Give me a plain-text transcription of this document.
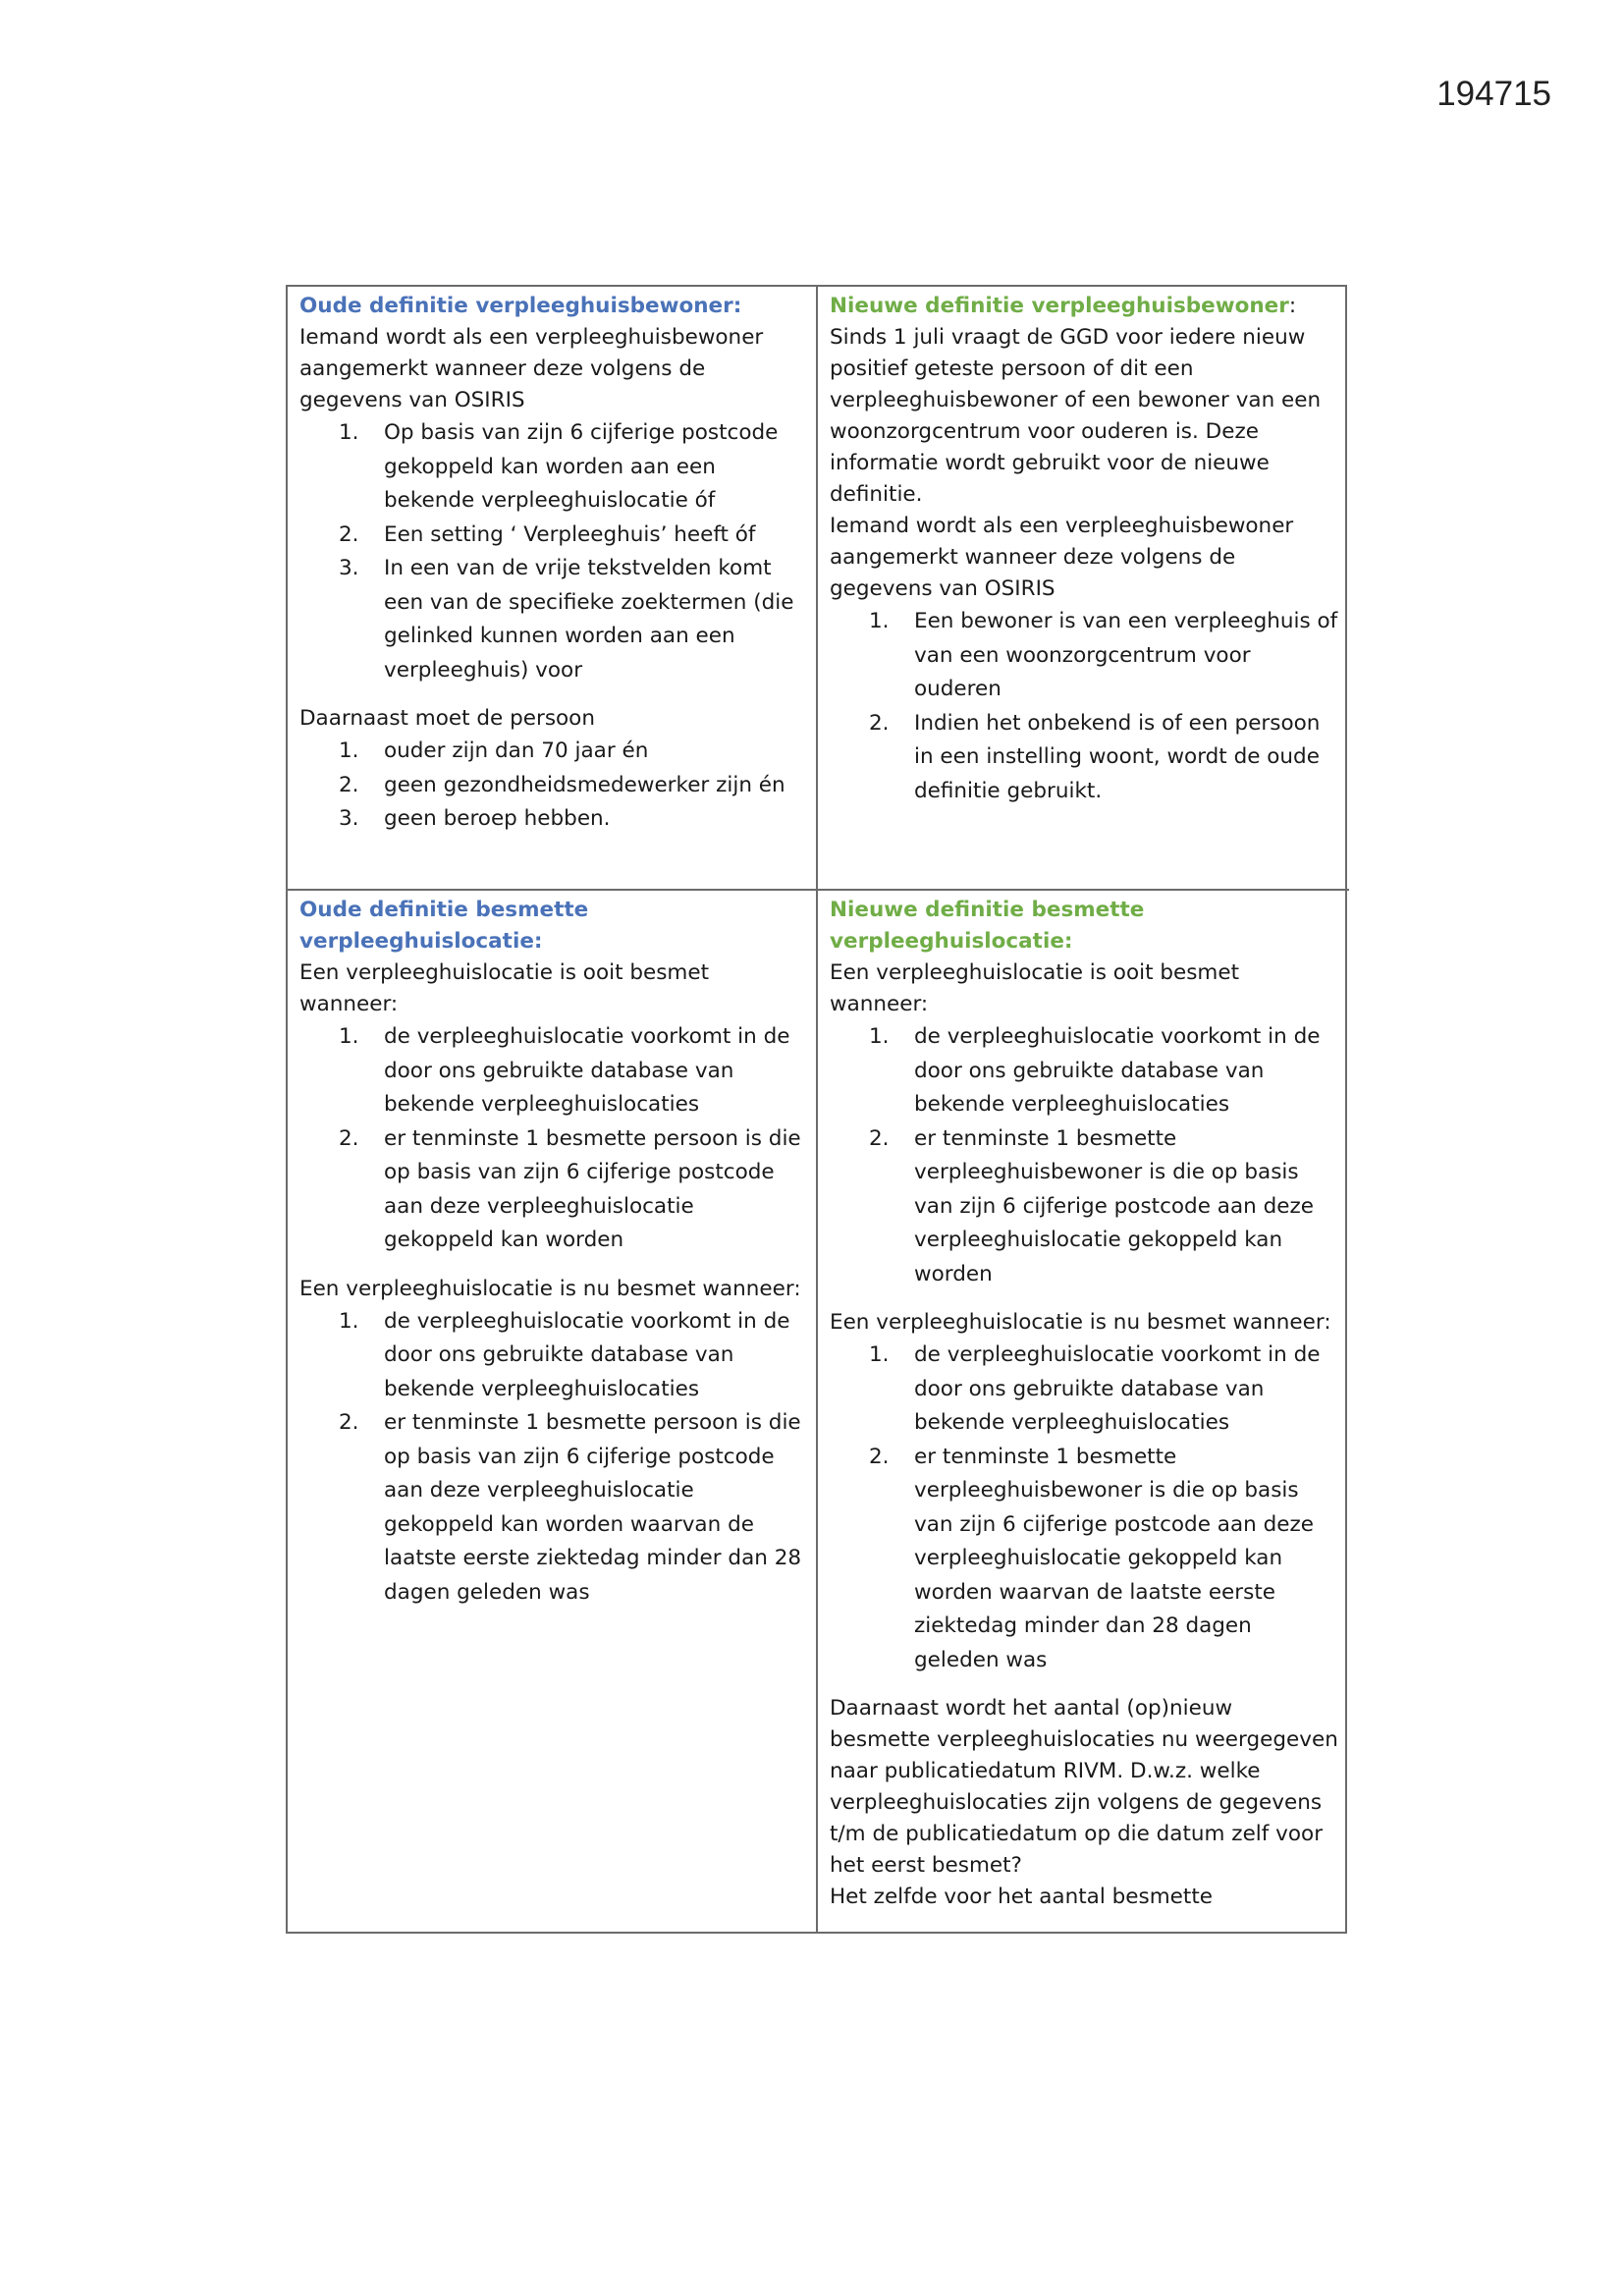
194715
Oude definitie verpleeghuisbewoner:
Iemand wordt als een verpleeghuisbewoner aangemerkt wanneer deze volgens de gegevens van OSIRIS
1.	Op basis van zijn 6 cijferige postcode gekoppeld kan worden aan een bekende verpleeghuislocatie óf
2.	Een setting ‘ Verpleeghuis’ heeft óf
3.	In een van de vrije tekstvelden komt een van de specifieke zoektermen (die gelinked kunnen worden aan een verpleeghuis) voor
Daarnaast moet de persoon
1.	ouder zijn dan 70 jaar én
2.	geen gezondheidsmedewerker zijn én
3.	geen beroep hebben.
Nieuwe definitie verpleeghuisbewoner:
Sinds 1 juli vraagt de GGD voor iedere nieuw positief geteste persoon of dit een verpleeghuisbewoner of een bewoner van een woonzorgcentrum voor ouderen is. Deze informatie wordt gebruikt voor de nieuwe definitie.
Iemand wordt als een verpleeghuisbewoner aangemerkt wanneer deze volgens de gegevens van OSIRIS
1.	Een bewoner is van een verpleeghuis of van een woonzorgcentrum voor ouderen
2.	Indien het onbekend is of een persoon in een instelling woont, wordt de oude definitie gebruikt.
Oude definitie besmette verpleeghuislocatie:
Een verpleeghuislocatie is ooit besmet wanneer:
1.	de verpleeghuislocatie voorkomt in de door ons gebruikte database van bekende verpleeghuislocaties
2.	er tenminste 1 besmette persoon is die op basis van zijn 6 cijferige postcode aan deze verpleeghuislocatie gekoppeld kan worden
Een verpleeghuislocatie is nu besmet wanneer:
1.	de verpleeghuislocatie voorkomt in de door ons gebruikte database van bekende verpleeghuislocaties
2.	er tenminste 1 besmette persoon is die op basis van zijn 6 cijferige postcode aan deze verpleeghuislocatie gekoppeld kan worden waarvan de laatste eerste ziektedag minder dan 28 dagen geleden was
Nieuwe definitie besmette verpleeghuislocatie:
Een verpleeghuislocatie is ooit besmet wanneer:
1.	de verpleeghuislocatie voorkomt in de door ons gebruikte database van bekende verpleeghuislocaties
2.	er tenminste 1 besmette verpleeghuisbewoner is die op basis van zijn 6 cijferige postcode aan deze verpleeghuislocatie gekoppeld kan worden
Een verpleeghuislocatie is nu besmet wanneer:
1.	de verpleeghuislocatie voorkomt in de door ons gebruikte database van bekende verpleeghuislocaties
2.	er tenminste 1 besmette verpleeghuisbewoner is die op basis van zijn 6 cijferige postcode aan deze verpleeghuislocatie gekoppeld kan worden waarvan de laatste eerste ziektedag minder dan 28 dagen geleden was
Daarnaast wordt het aantal (op)nieuw besmette verpleeghuislocaties nu weergegeven naar publicatiedatum RIVM. D.w.z. welke verpleeghuislocaties zijn volgens de gegevens t/m de publicatiedatum op die datum zelf voor het eerst besmet?
Het zelfde voor het aantal besmette
